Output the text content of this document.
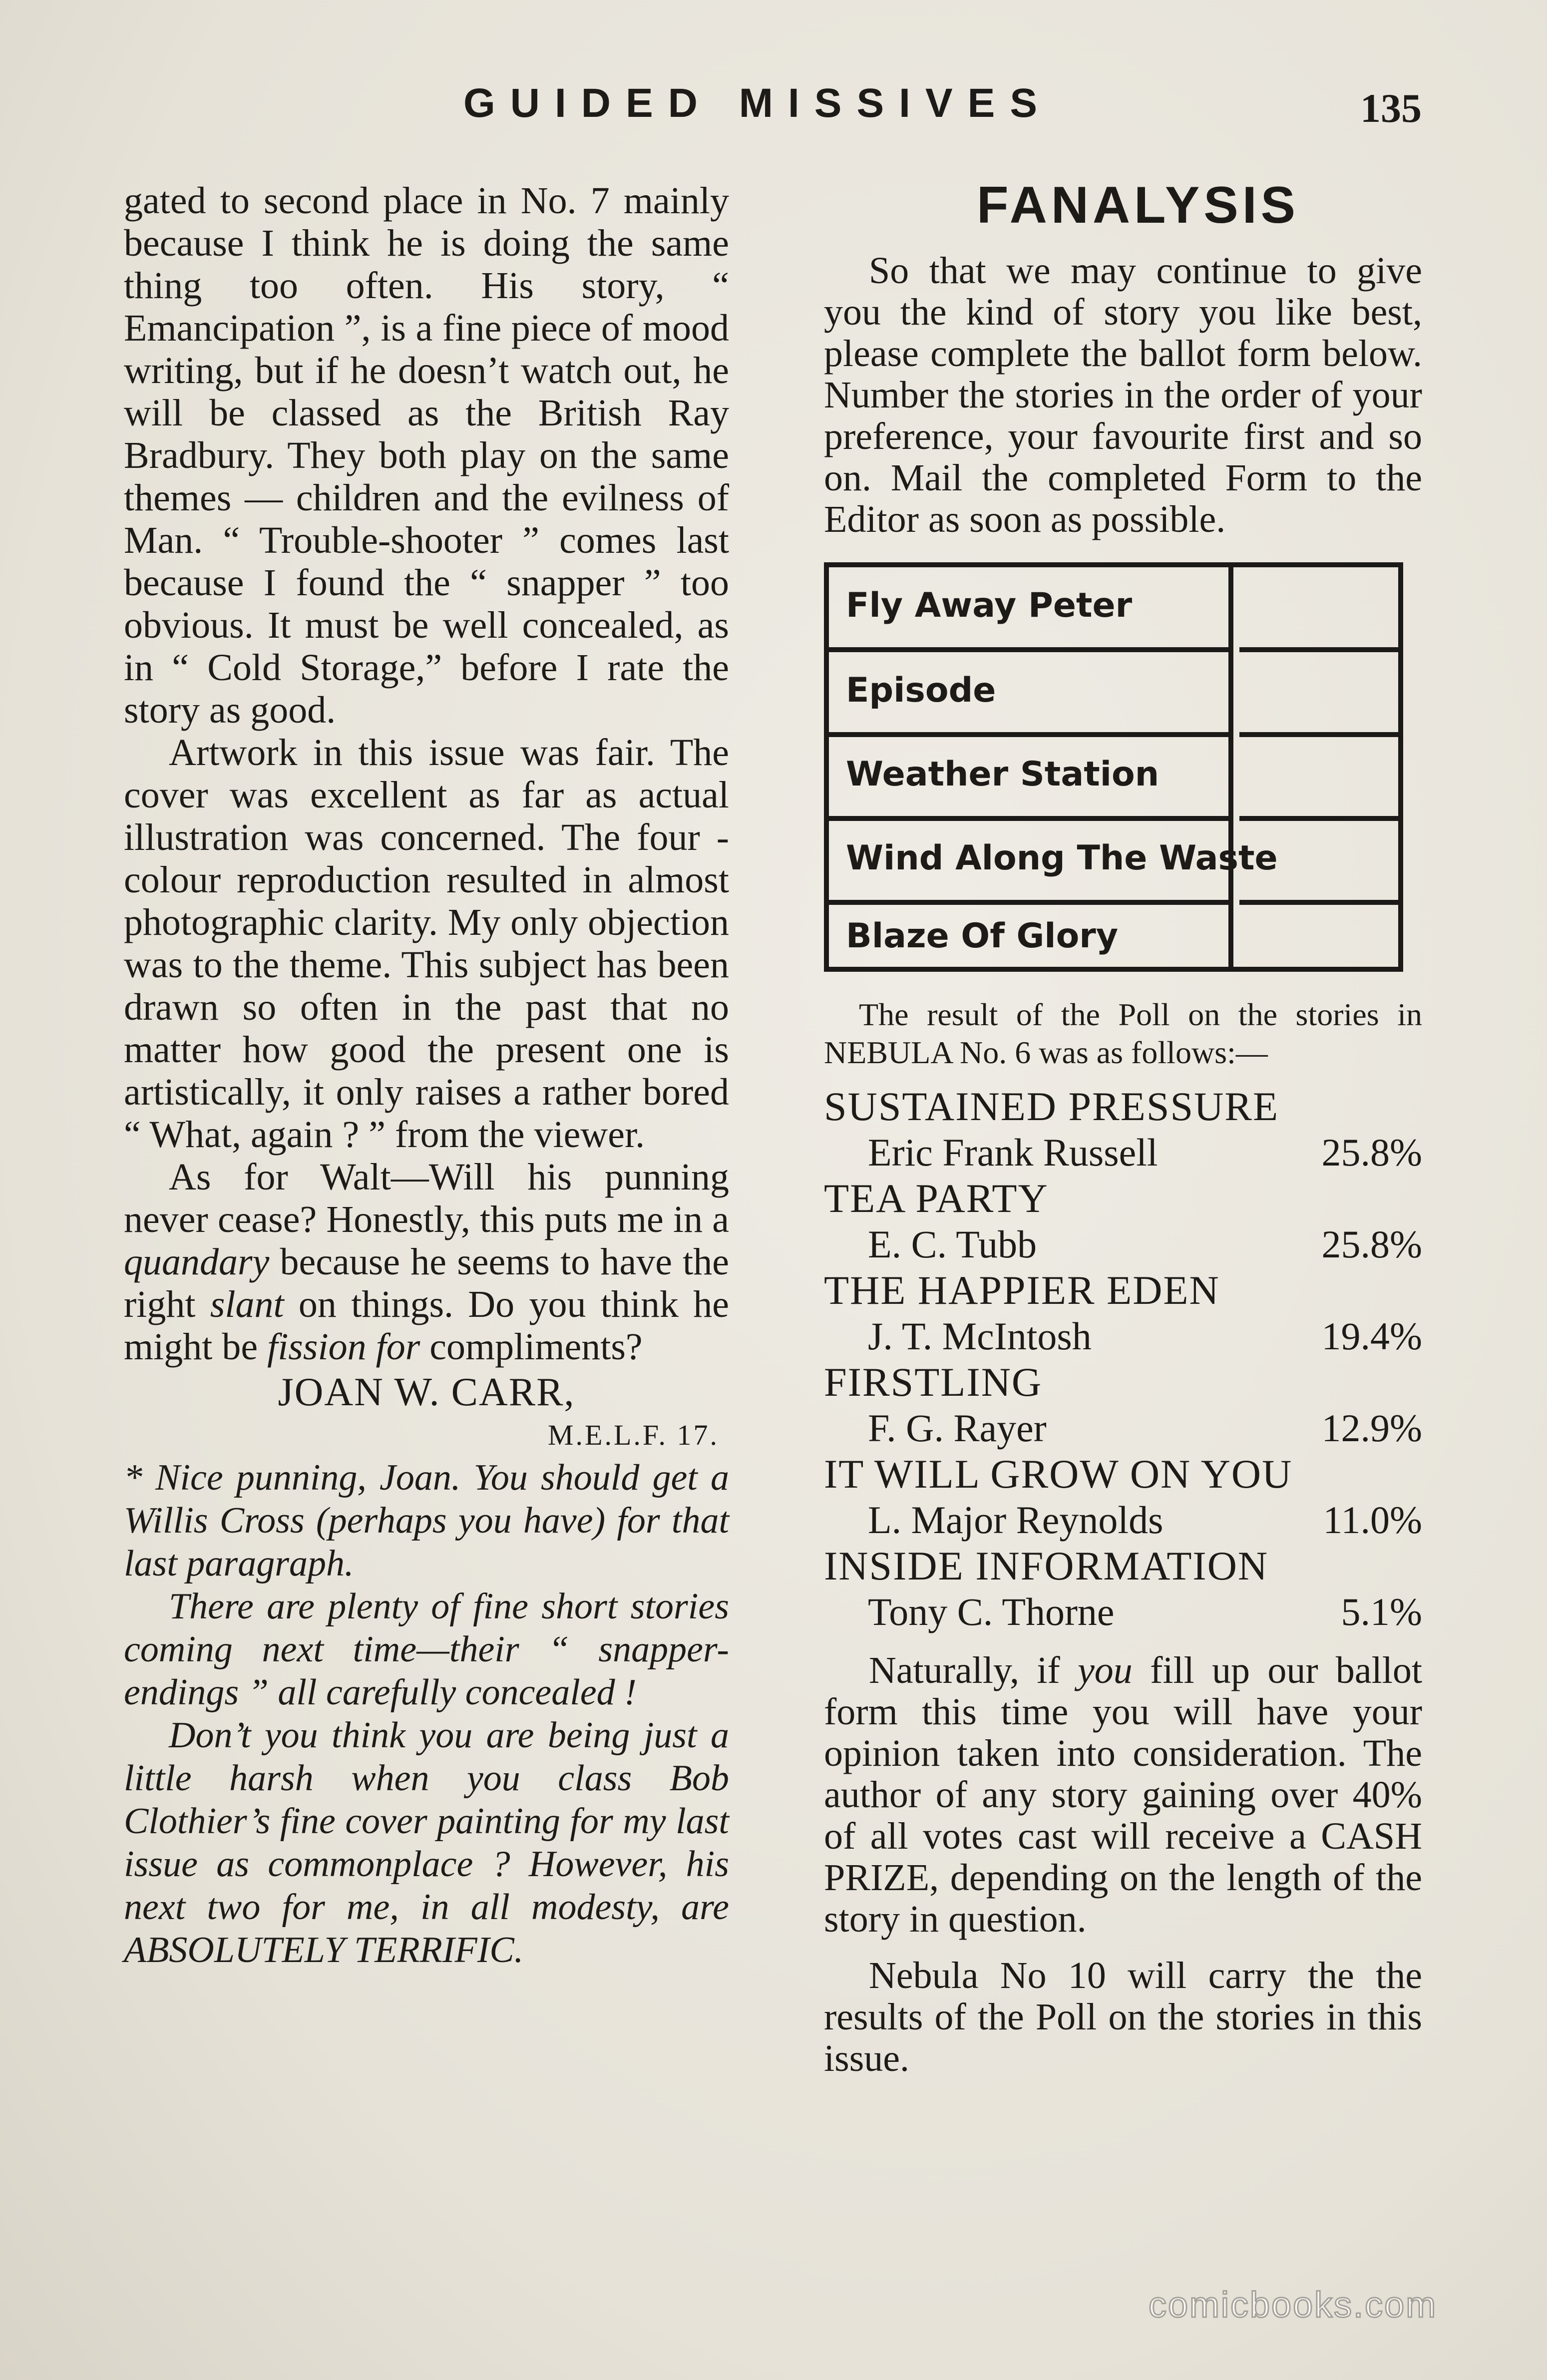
GUIDED MISSIVES	135

gated to second place in No. 7 mainly because I think he is doing the same thing too often. His story, “ Emancipation ”, is a fine piece of mood writing, but if he doesn’t watch out, he will be classed as the British Ray Bradbury. They both play on the same themes — children and the evilness of Man. “ Trouble-shooter ” comes last because I found the “ snapper ” too obvious. It must be well concealed, as in “ Cold Storage,” before I rate the story as good.

Artwork in this issue was fair. The cover was excellent as far as actual illustration was concerned. The four - colour reproduction resulted in almost photographic clarity. My only objection was to the theme. This subject has been drawn so often in the past that no matter how good the present one is artistically, it only raises a rather bored “ What, again ? ” from the viewer.

As for Walt—Will his punning never cease? Honestly, this puts me in a quandary because he seems to have the right slant on things. Do you think he might be fission for compliments?

JOAN W. CARR,
M.E.L.F. 17.

* Nice punning, Joan. You should get a Willis Cross (perhaps you have) for that last paragraph.

There are plenty of fine short stories coming next time—their “ snapper-endings ” all carefully concealed !

Don’t you think you are being just a little harsh when you class Bob Clothier’s fine cover painting for my last issue as commonplace ? However, his next two for me, in all modesty, are ABSOLUTELY TERRIFIC.

FANALYSIS

So that we may continue to give you the kind of story you like best, please complete the ballot form below. Number the stories in the order of your preference, your favourite first and so on. Mail the completed Form to the Editor as soon as possible.

Fly Away Peter
Episode
Weather Station
Wind Along The Waste
Blaze Of Glory

The result of the Poll on the stories in NEBULA No. 6 was as follows:—

SUSTAINED PRESSURE
Eric Frank Russell	25.8%
TEA PARTY
E. C. Tubb	25.8%
THE HAPPIER EDEN
J. T. McIntosh	19.4%
FIRSTLING
F. G. Rayer	12.9%
IT WILL GROW ON YOU
L. Major Reynolds	11.0%
INSIDE INFORMATION
Tony C. Thorne	5.1%

Naturally, if you fill up our ballot form this time you will have your opinion taken into consideration. The author of any story gaining over 40% of all votes cast will receive a CASH PRIZE, depending on the length of the story in question.

Nebula No 10 will carry the the results of the Poll on the stories in this issue.

comicbooks.com
